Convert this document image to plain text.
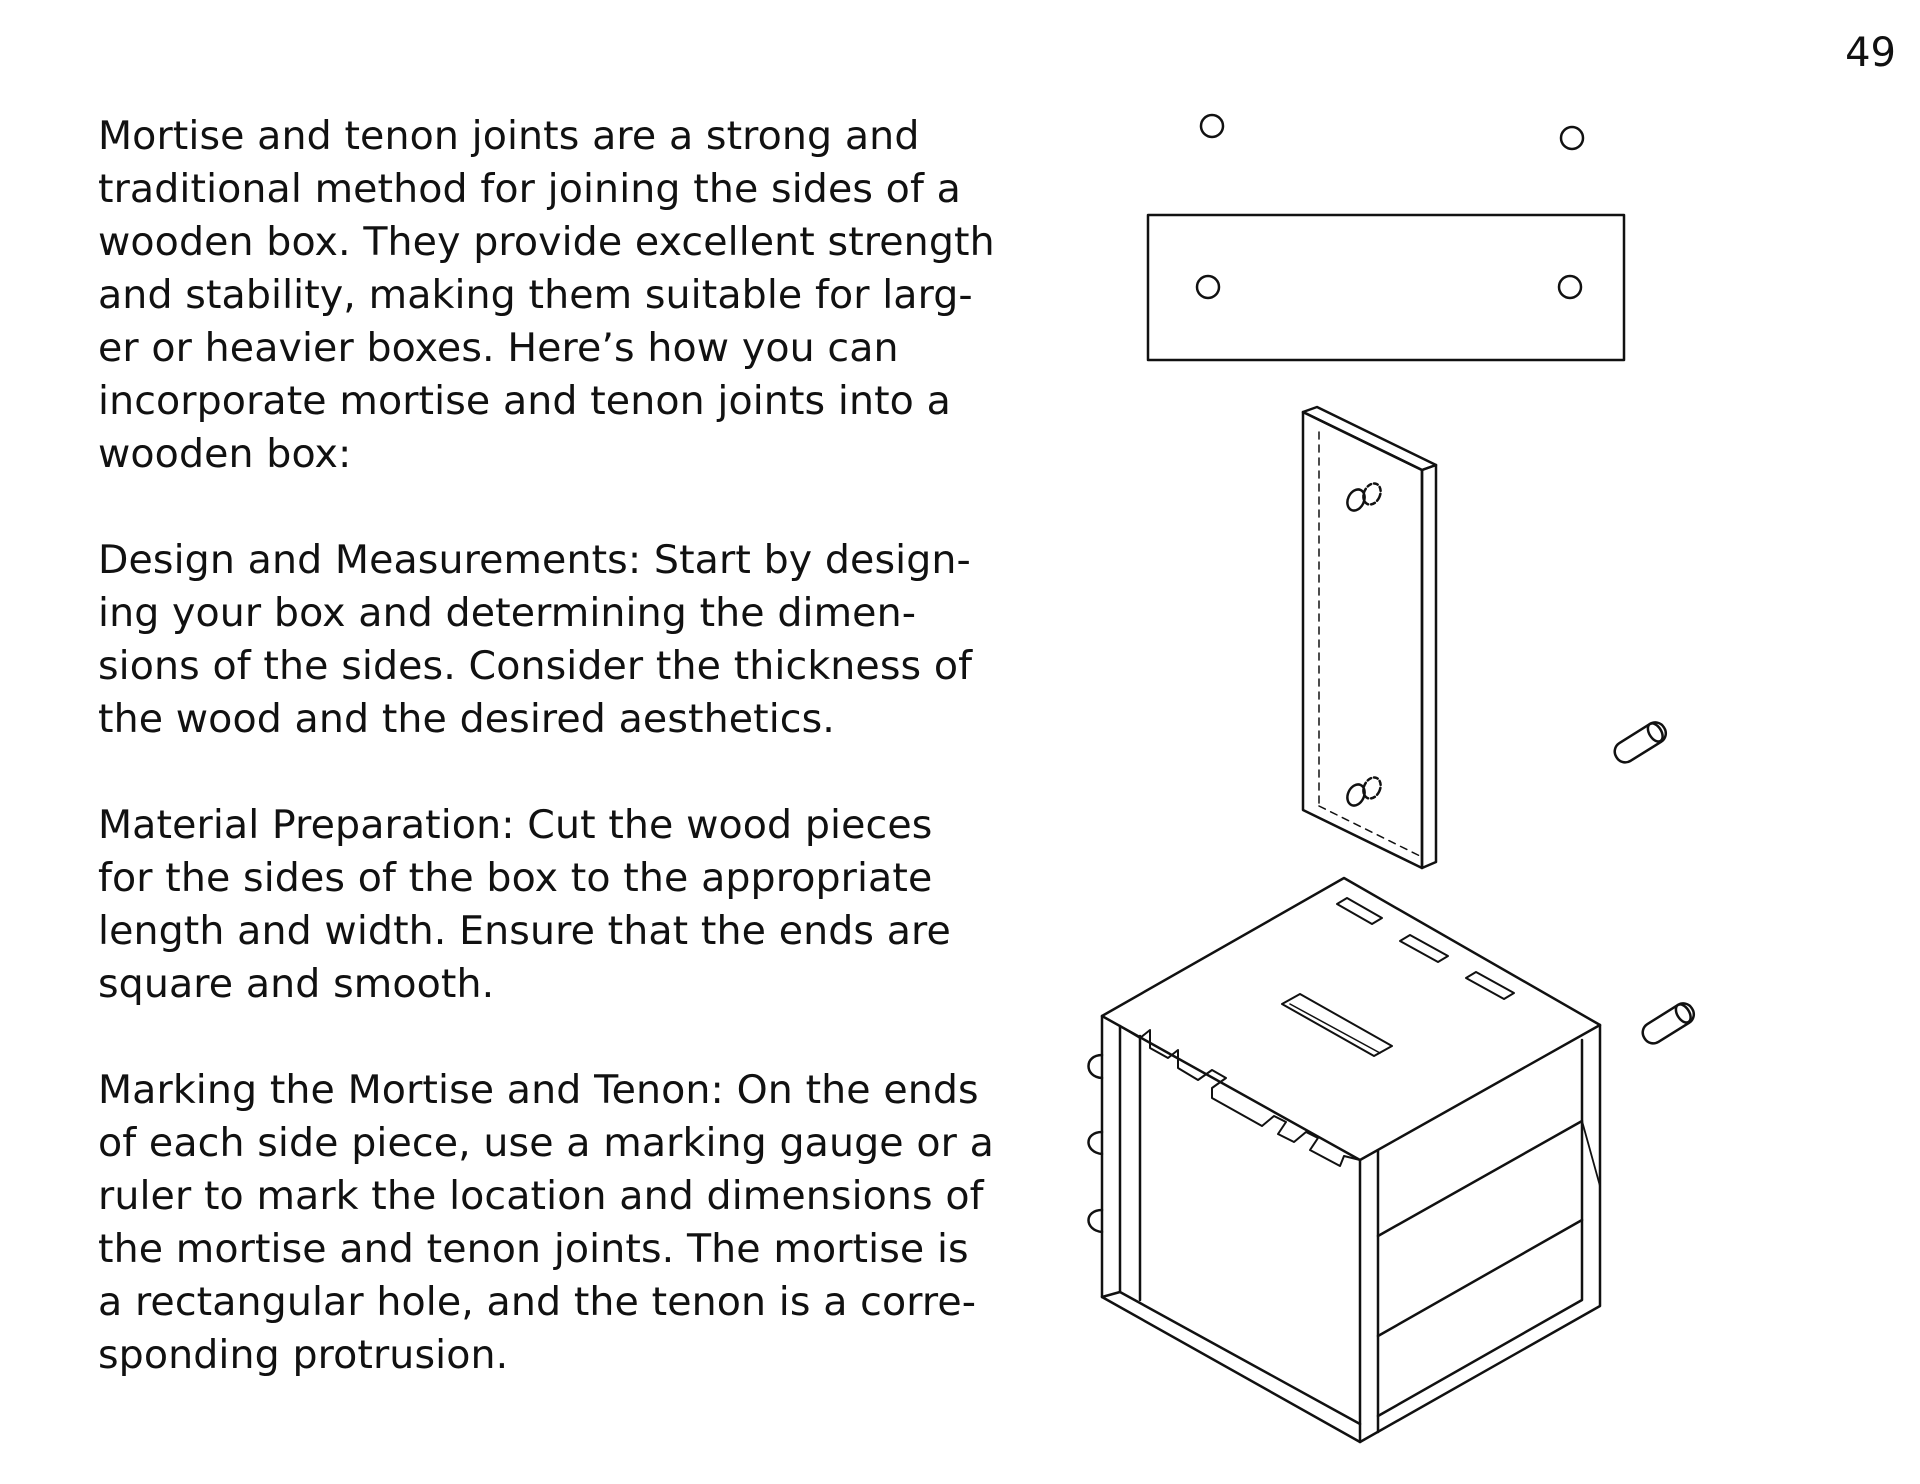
49

Mortise and tenon joints are a strong and
traditional method for joining the sides of a
wooden box. They provide excellent strength
and stability, making them suitable for larg-
er or heavier boxes. Here’s how you can
incorporate mortise and tenon joints into a
wooden box:

Design and Measurements: Start by design-
ing your box and determining the dimen-
sions of the sides. Consider the thickness of
the wood and the desired aesthetics.

Material Preparation: Cut the wood pieces
for the sides of the box to the appropriate
length and width. Ensure that the ends are
square and smooth.

Marking the Mortise and Tenon: On the ends
of each side piece, use a marking gauge or a
ruler to mark the location and dimensions of
the mortise and tenon joints. The mortise is
a rectangular hole, and the tenon is a corre-
sponding protrusion.
